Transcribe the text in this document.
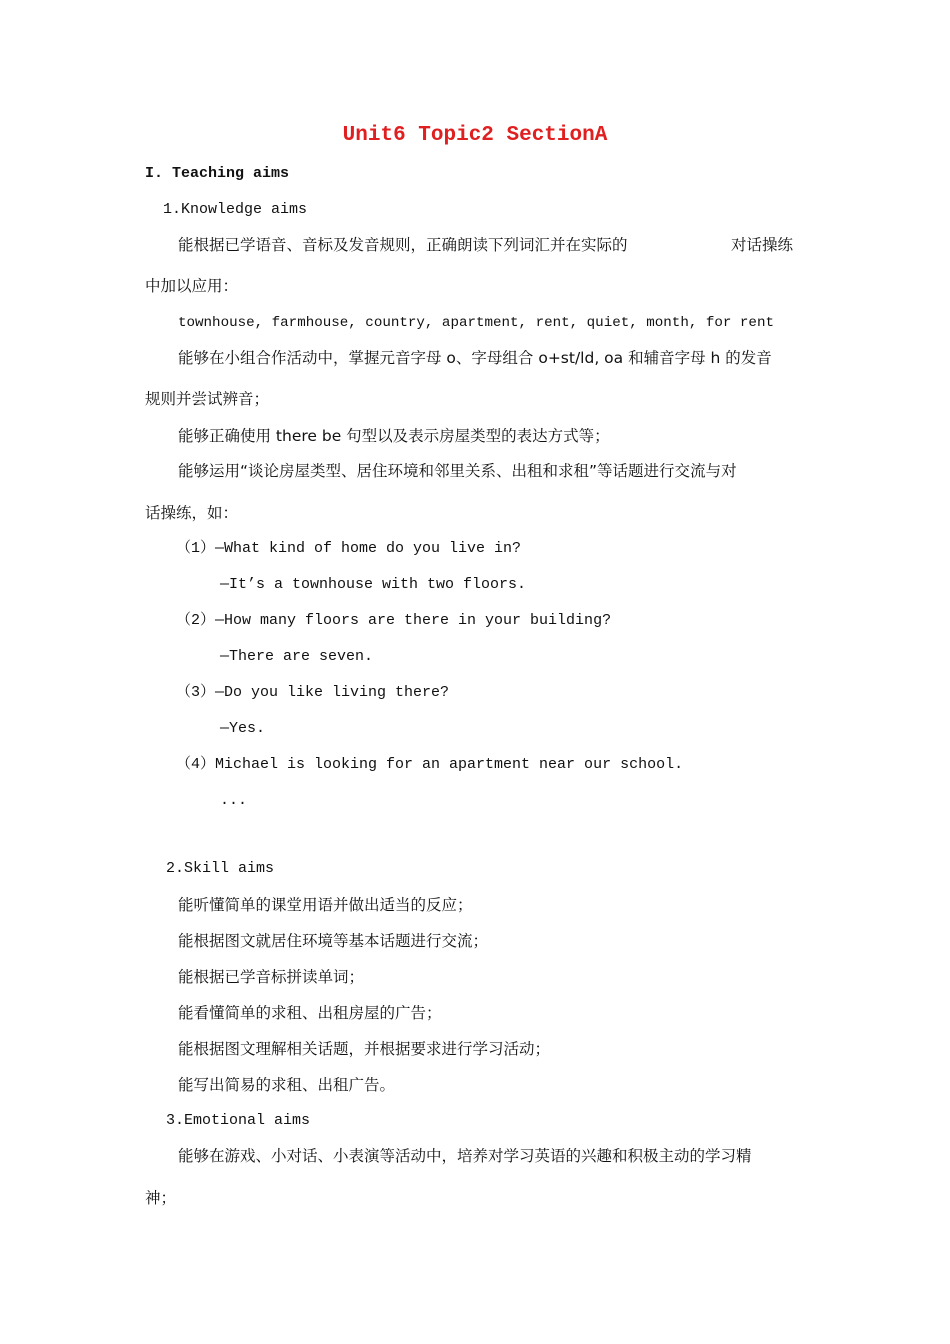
Unit6 Topic2 SectionA
I. Teaching aims
1.Knowledge aims
能根据已学语音、音标及发音规则，正确朗读下列词汇并在实际的	对话操练
中加以应用：
townhouse, farmhouse, country, apartment, rent, quiet, month, for rent
能够在小组合作活动中，掌握元音字母 o、字母组合 o+st/ld, oa 和辅音字母 h 的发音
规则并尝试辨音；
能够正确使用 there be 句型以及表示房屋类型的表达方式等；
能够运用“谈论房屋类型、居住环境和邻里关系、出租和求租”等话题进行交流与对
话操练，如：
（1）—What kind of home do you live in?
—It’s a townhouse with two floors.
（2）—How many floors are there in your building?
—There are seven.
（3）—Do you like living there?
—Yes.
（4）Michael is looking for an apartment near our school.
...
2.Skill aims
能听懂简单的课堂用语并做出适当的反应；
能根据图文就居住环境等基本话题进行交流；
能根据已学音标拼读单词；
能看懂简单的求租、出租房屋的广告；
能根据图文理解相关话题，并根据要求进行学习活动；
能写出简易的求租、出租广告。
3.Emotional aims
能够在游戏、小对话、小表演等活动中，培养对学习英语的兴趣和积极主动的学习精
神；
